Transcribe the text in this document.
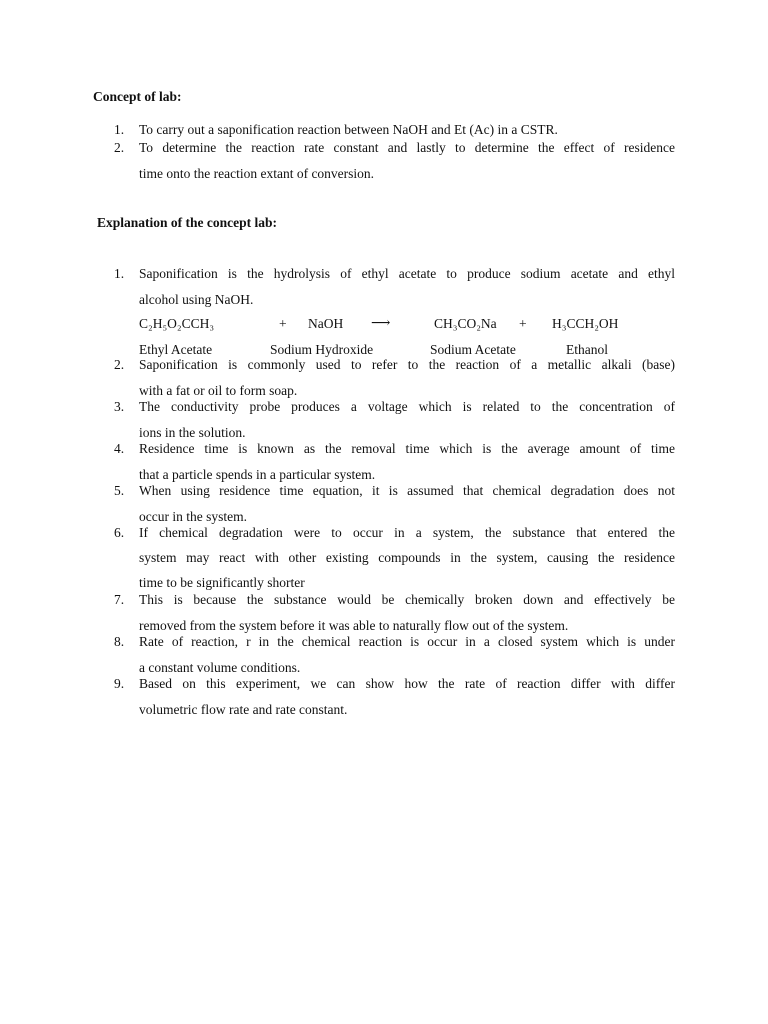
Concept of lab:
1.	To carry out a saponification reaction between NaOH and Et (Ac) in a CSTR.
2.	To determine the reaction rate constant and lastly to determine the effect of residence
time onto the reaction extant of conversion.
Explanation of the concept lab:
1.	Saponification is the hydrolysis of ethyl acetate to produce sodium acetate and ethyl
alcohol using NaOH.
C₂H₅O₂CCH₃	+ NaOH ⟶	CH₃CO₂Na + H₃CCH₂OH
Ethyl Acetate	Sodium Hydroxide	Sodium Acetate	Ethanol
2.	Saponification is commonly used to refer to the reaction of a metallic alkali (base)
with a fat or oil to form soap.
3.	The conductivity probe produces a voltage which is related to the concentration of
ions in the solution.
4.	Residence time is known as the removal time which is the average amount of time
that a particle spends in a particular system.
5.	When using residence time equation, it is assumed that chemical degradation does not
occur in the system.
6.	If chemical degradation were to occur in a system, the substance that entered the
system may react with other existing compounds in the system, causing the residence
time to be significantly shorter
7.	This is because the substance would be chemically broken down and effectively be
removed from the system before it was able to naturally flow out of the system.
8.	Rate of reaction, r in the chemical reaction is occur in a closed system which is under
a constant volume conditions.
9.	Based on this experiment, we can show how the rate of reaction differ with differ
volumetric flow rate and rate constant.
